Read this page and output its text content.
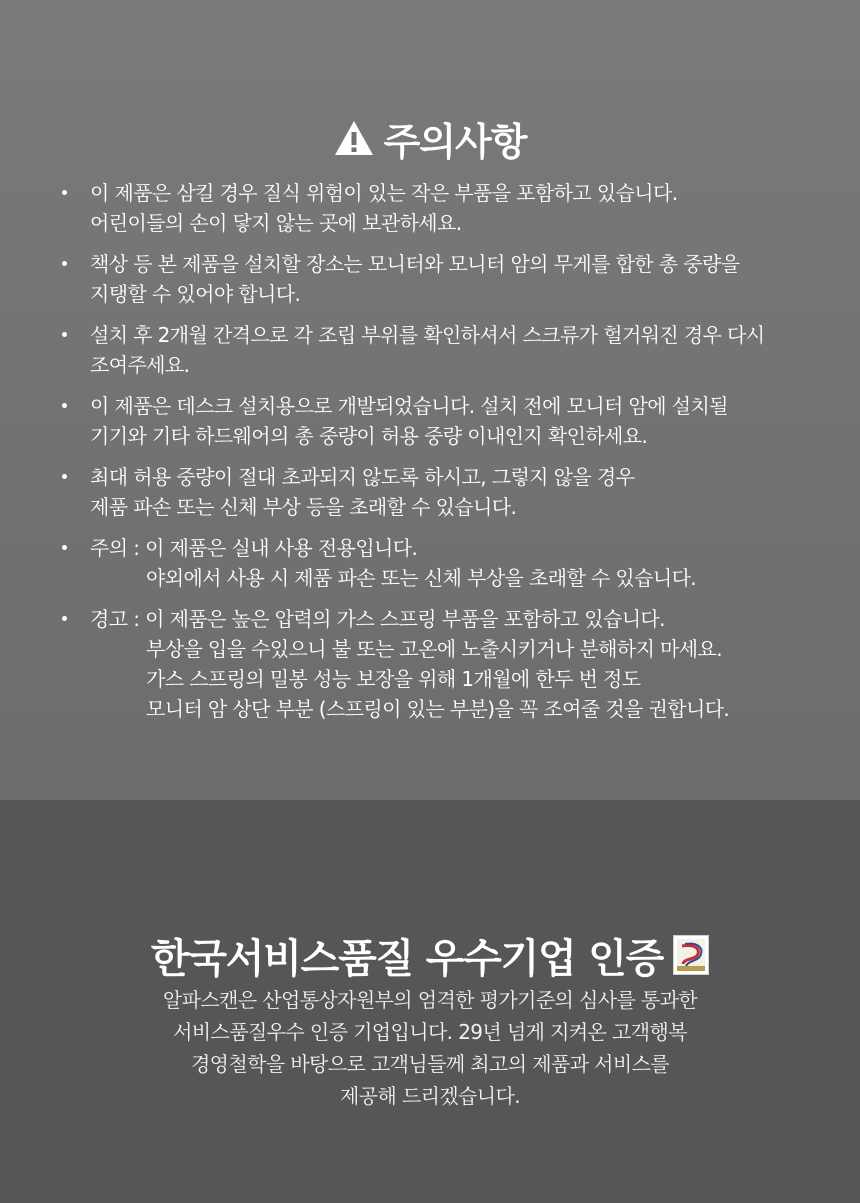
주의사항
이 제품은 삼킬 경우 질식 위험이 있는 작은 부품을 포함하고 있습니다.
어린이들의 손이 닿지 않는 곳에 보관하세요.
책상 등 본 제품을 설치할 장소는 모니터와 모니터 암의 무게를 합한 총 중량을
지탱할 수 있어야 합니다.
설치 후 2개월 간격으로 각 조립 부위를 확인하셔서 스크류가 헐거워진 경우 다시
조여주세요.
이 제품은 데스크 설치용으로 개발되었습니다. 설치 전에 모니터 암에 설치될
기기와 기타 하드웨어의 총 중량이 허용 중량 이내인지 확인하세요.
최대 허용 중량이 절대 초과되지 않도록 하시고, 그렇지 않을 경우
제품 파손 또는 신체 부상 등을 초래할 수 있습니다.
주의 : 이 제품은 실내 사용 전용입니다.
야외에서 사용 시 제품 파손 또는 신체 부상을 초래할 수 있습니다.
경고 : 이 제품은 높은 압력의 가스 스프링 부품을 포함하고 있습니다.
부상을 입을 수있으니 불 또는 고온에 노출시키거나 분해하지 마세요.
가스 스프링의 밀봉 성능 보장을 위해 1개월에 한두 번 정도
모니터 암 상단 부분 (스프링이 있는 부분)을 꼭 조여줄 것을 권합니다.
한국서비스품질 우수기업 인증
알파스캔은 산업통상자원부의 엄격한 평가기준의 심사를 통과한
서비스품질우수 인증 기업입니다. 29년 넘게 지켜온 고객행복
경영철학을 바탕으로 고객님들께 최고의 제품과 서비스를
제공해 드리겠습니다.
